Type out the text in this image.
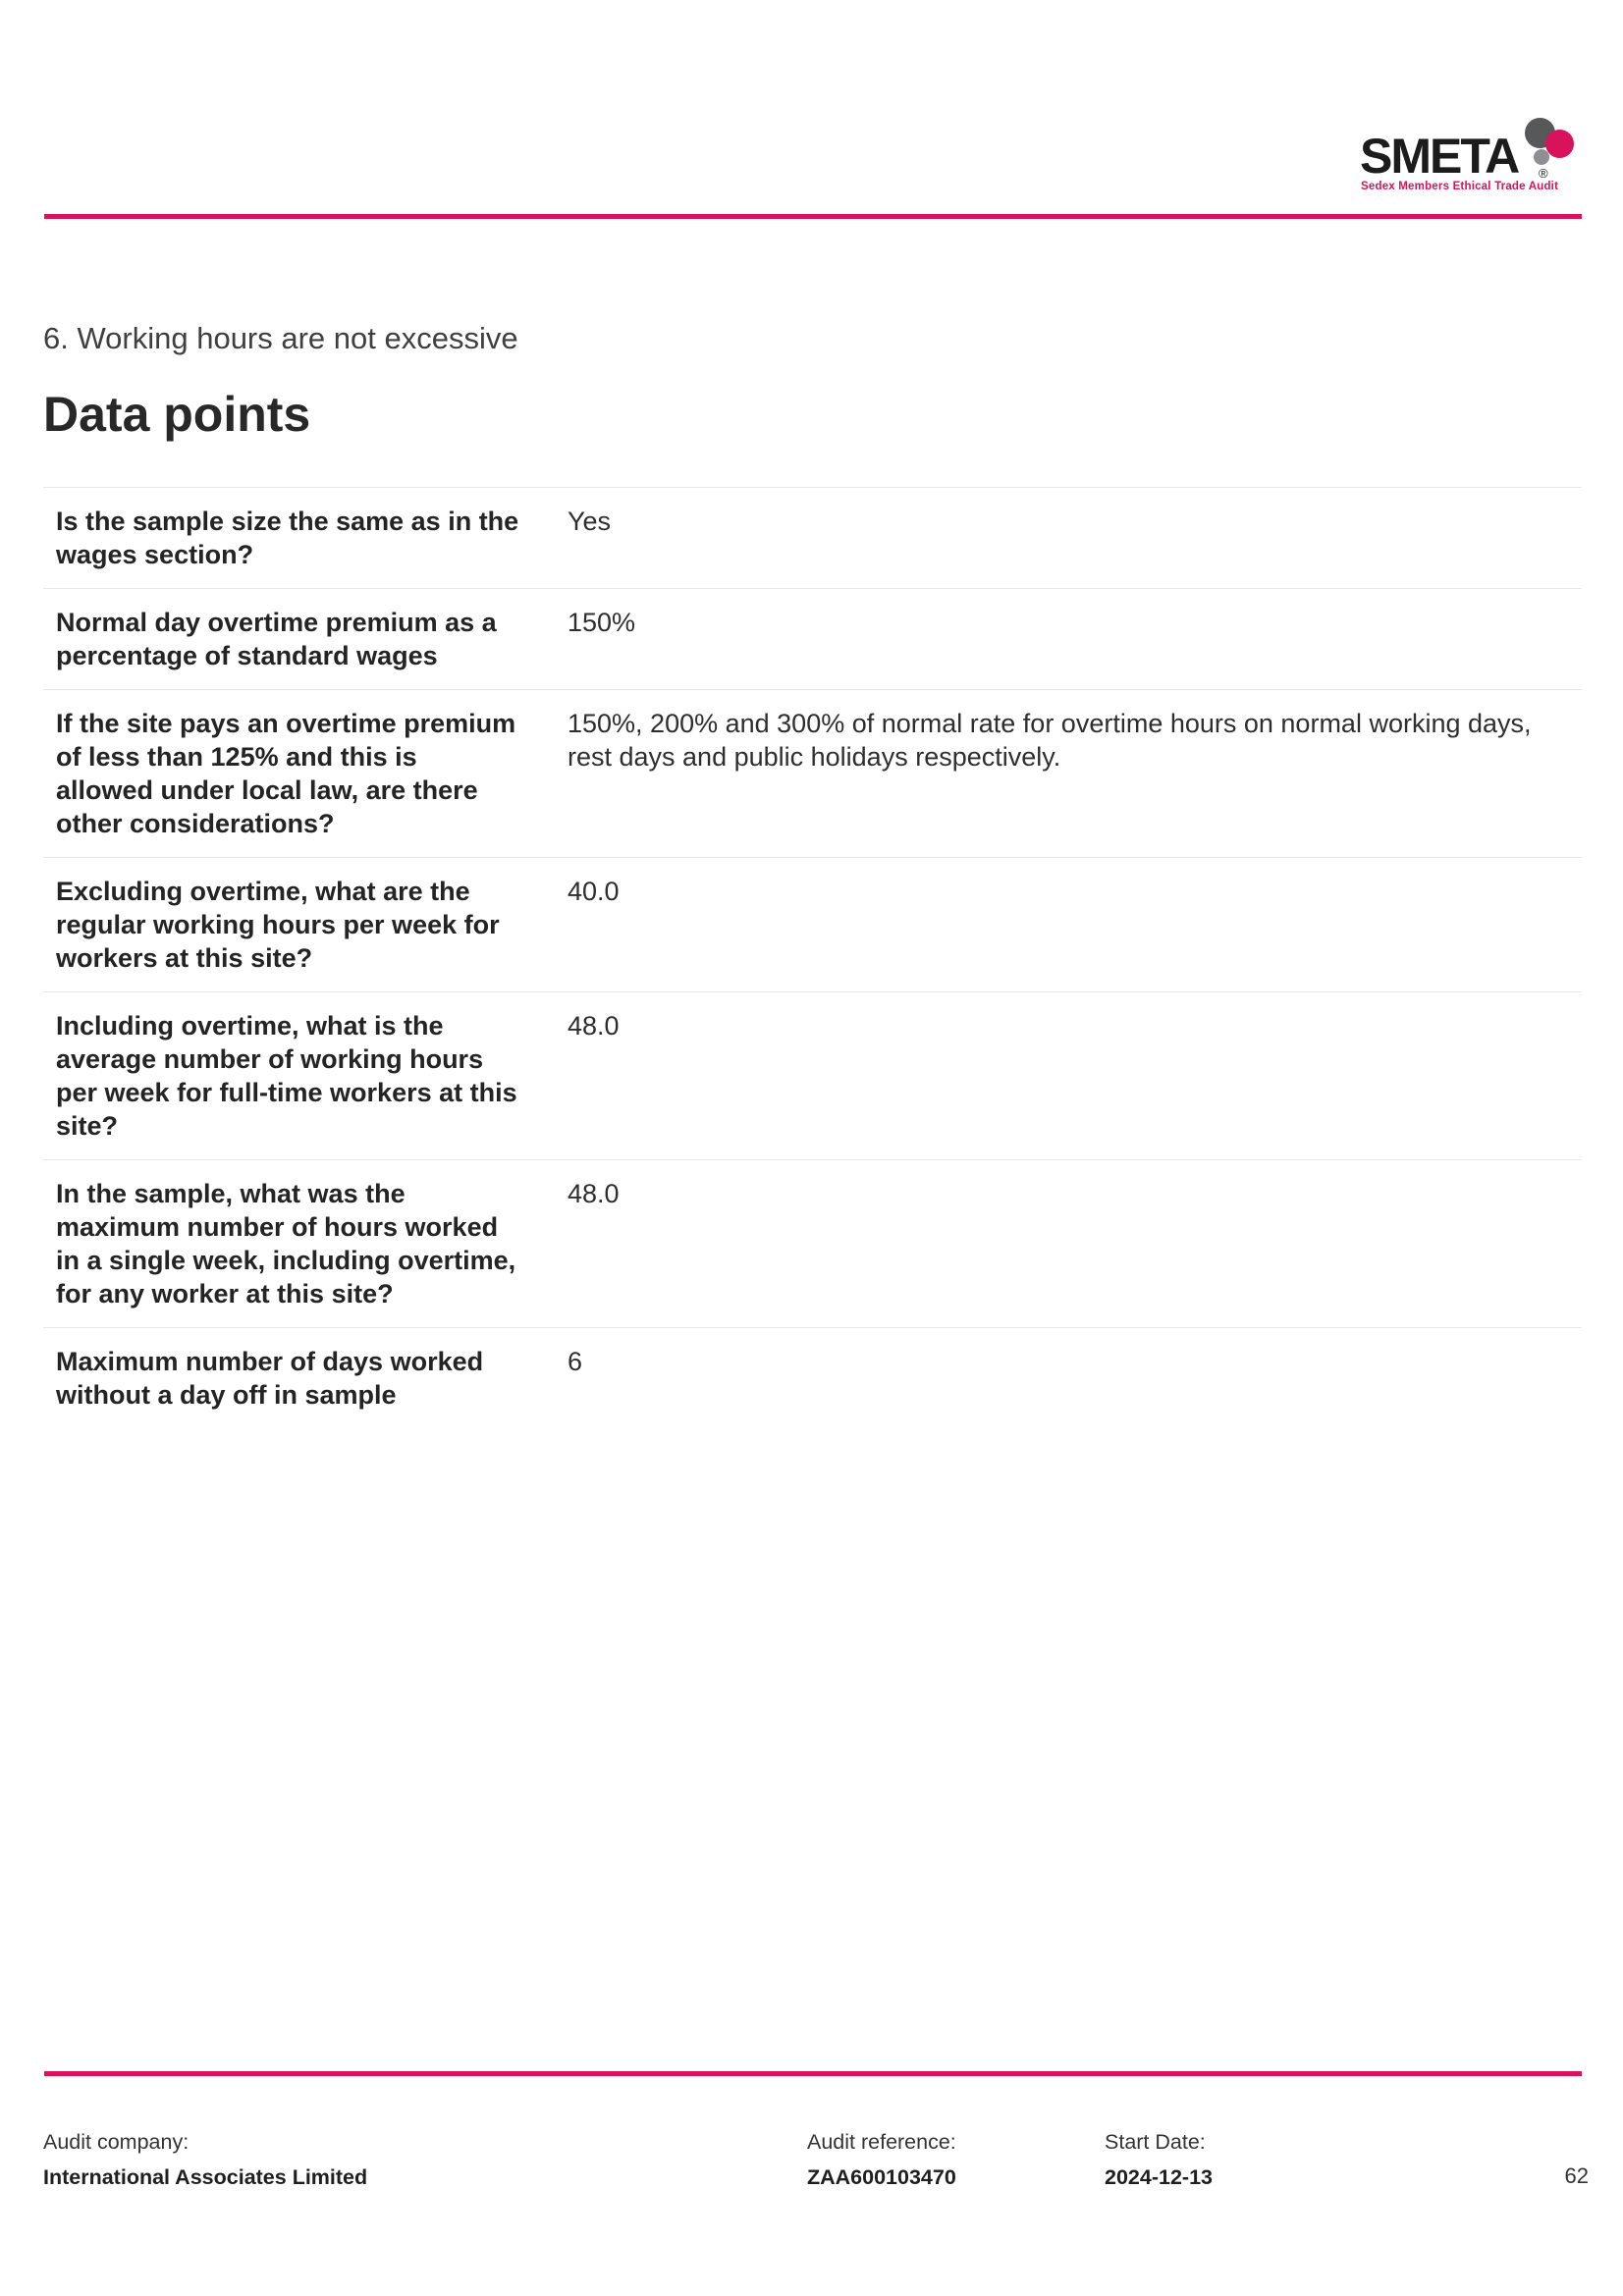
SMETA ®
Sedex Members Ethical Trade Audit
6. Working hours are not excessive
Data points
Is the sample size the same as in the wages section?
Yes
Normal day overtime premium as a percentage of standard wages
150%
If the site pays an overtime premium of less than 125% and this is allowed under local law, are there other considerations?
150%, 200% and 300% of normal rate for overtime hours on normal working days, rest days and public holidays respectively.
Excluding overtime, what are the regular working hours per week for workers at this site?
40.0
Including overtime, what is the average number of working hours per week for full-time workers at this site?
48.0
In the sample, what was the maximum number of hours worked in a single week, including overtime, for any worker at this site?
48.0
Maximum number of days worked without a day off in sample
6
Audit company:
International Associates Limited
Audit reference:
ZAA600103470
Start Date:
2024-12-13	62
